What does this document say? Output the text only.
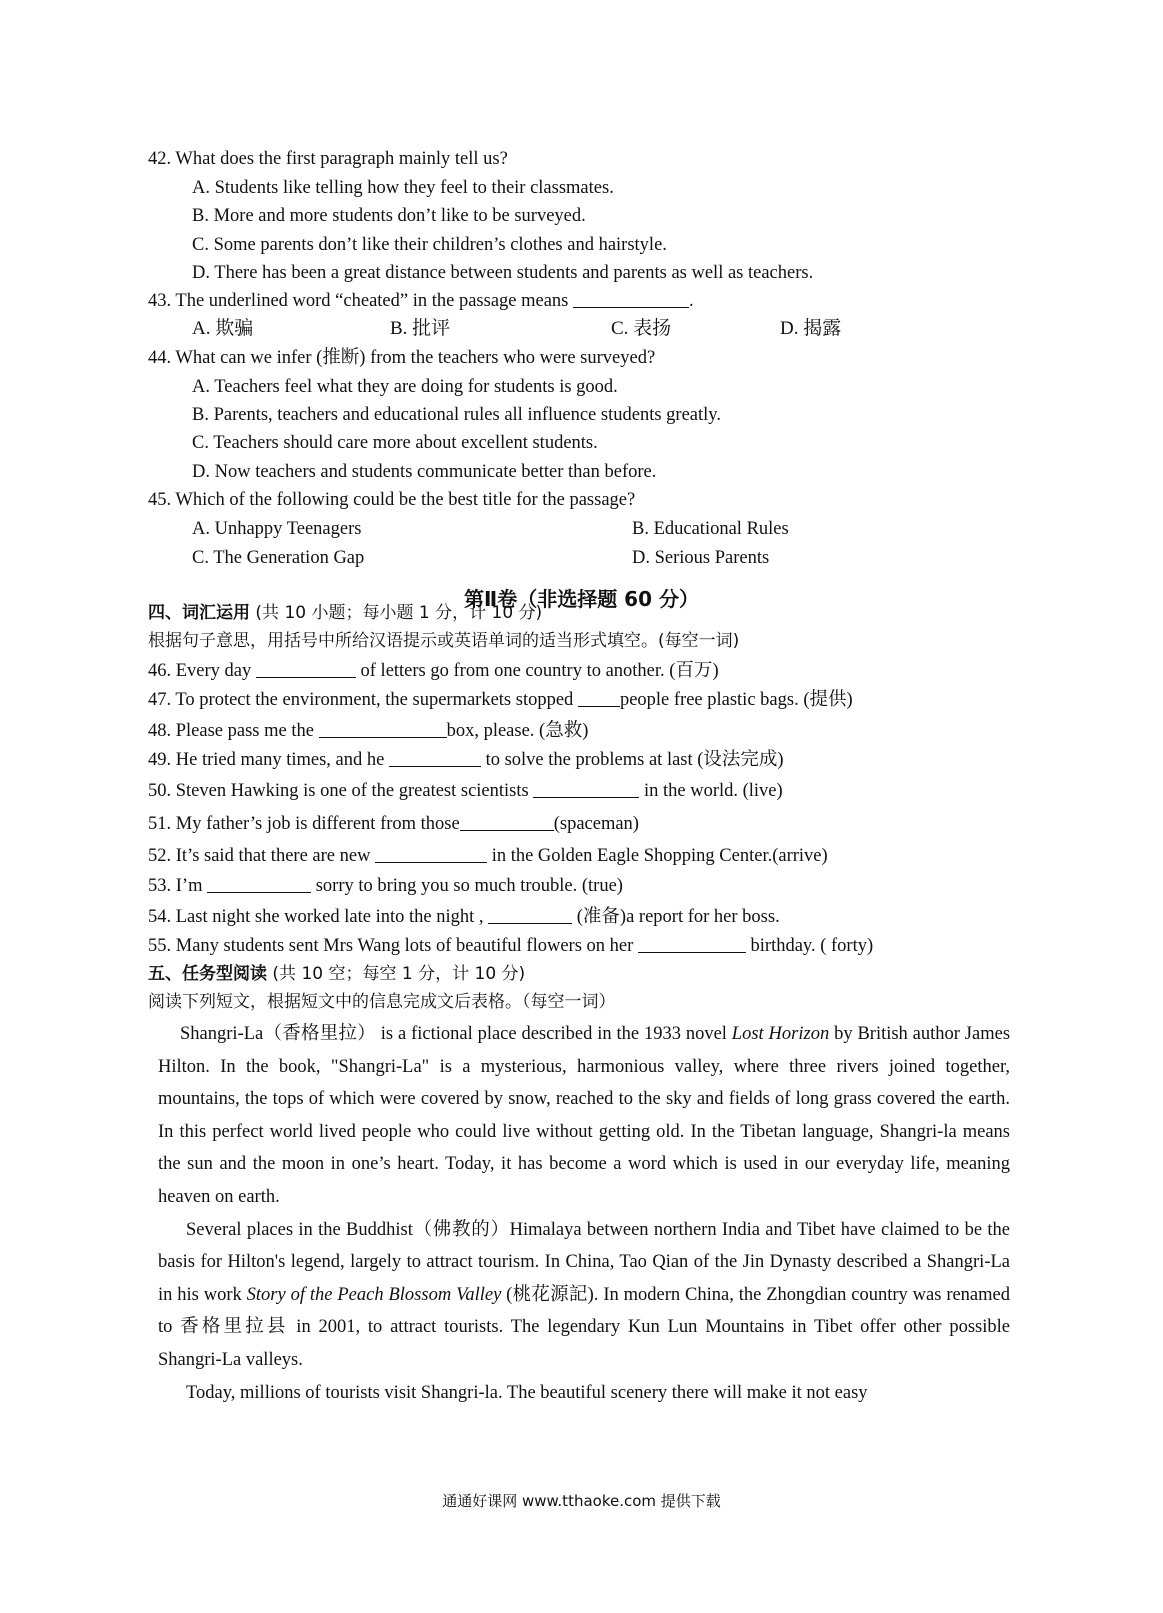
42. What does the first paragraph mainly tell us?
A. Students like telling how they feel to their classmates.
B. More and more students don’t like to be surveyed.
C. Some parents don’t like their children’s clothes and hairstyle.
D. There has been a great distance between students and parents as well as teachers.
43. The underlined word “cheated” in the passage means	.
A. 欺骗	B. 批评	C. 表扬	D. 揭露
44. What can we infer (推断) from the teachers who were surveyed?
A. Teachers feel what they are doing for students is good.
B. Parents, teachers and educational rules all influence students greatly.
C. Teachers should care more about excellent students.
D. Now teachers and students communicate better than before.
45. Which of the following could be the best title for the passage?
A. Unhappy Teenagers	B. Educational Rules
C. The Generation Gap	D. Serious Parents
第Ⅱ卷（非选择题 60 分）
四、词汇运用 (共 10 小题；每小题 1 分，计 10 分)
根据句子意思，用括号中所给汉语提示或英语单词的适当形式填空。(每空一词)
46. Every day	of letters go from one country to another. (百万)
47. To protect the environment, the supermarkets stopped people free plastic bags. (提供)
48. Please pass me the	box, please. (急救)
49. He tried many times, and he	to solve the problems at last (设法完成)
50. Steven Hawking is one of the greatest scientists	in the world. (live)
51. My father’s job is different from those	(spaceman)
52. It’s said that there are new	in the Golden Eagle Shopping Center.(arrive)
53. I’m	sorry to bring you so much trouble. (true)
54. Last night she worked late into the night ,	(准备)a report for her boss.
55. Many students sent Mrs Wang lots of beautiful flowers on her	birthday. ( forty)
五、任务型阅读 (共 10 空；每空 1 分，计 10 分)
阅读下列短文，根据短文中的信息完成文后表格。（每空一词）

Shangri-La（香格里拉） is a fictional place described in the 1933 novel Lost Horizon by British author James Hilton. In the book, "Shangri-La" is a mysterious, harmonious valley, where three rivers joined together, mountains, the tops of which were covered by snow, reached to the sky and fields of long grass covered the earth. In this perfect world lived people who could live without getting old. In the Tibetan language, Shangri-la means the sun and the moon in one’s heart. Today, it has become a word which is used in our everyday life, meaning heaven on earth.

Several places in the Buddhist（佛教的）Himalaya between northern India and Tibet have claimed to be the basis for Hilton's legend, largely to attract tourism. In China, Tao Qian of the Jin Dynasty described a Shangri-La in his work Story of the Peach Blossom Valley (桃花源記). In modern China, the Zhongdian country was renamed to 香格里拉县 in 2001, to attract tourists. The legendary Kun Lun Mountains in Tibet offer other possible Shangri-La valleys.

Today, millions of tourists visit Shangri-la. The beautiful scenery there will make it not easy

通通好课网 www.tthaoke.com 提供下载
